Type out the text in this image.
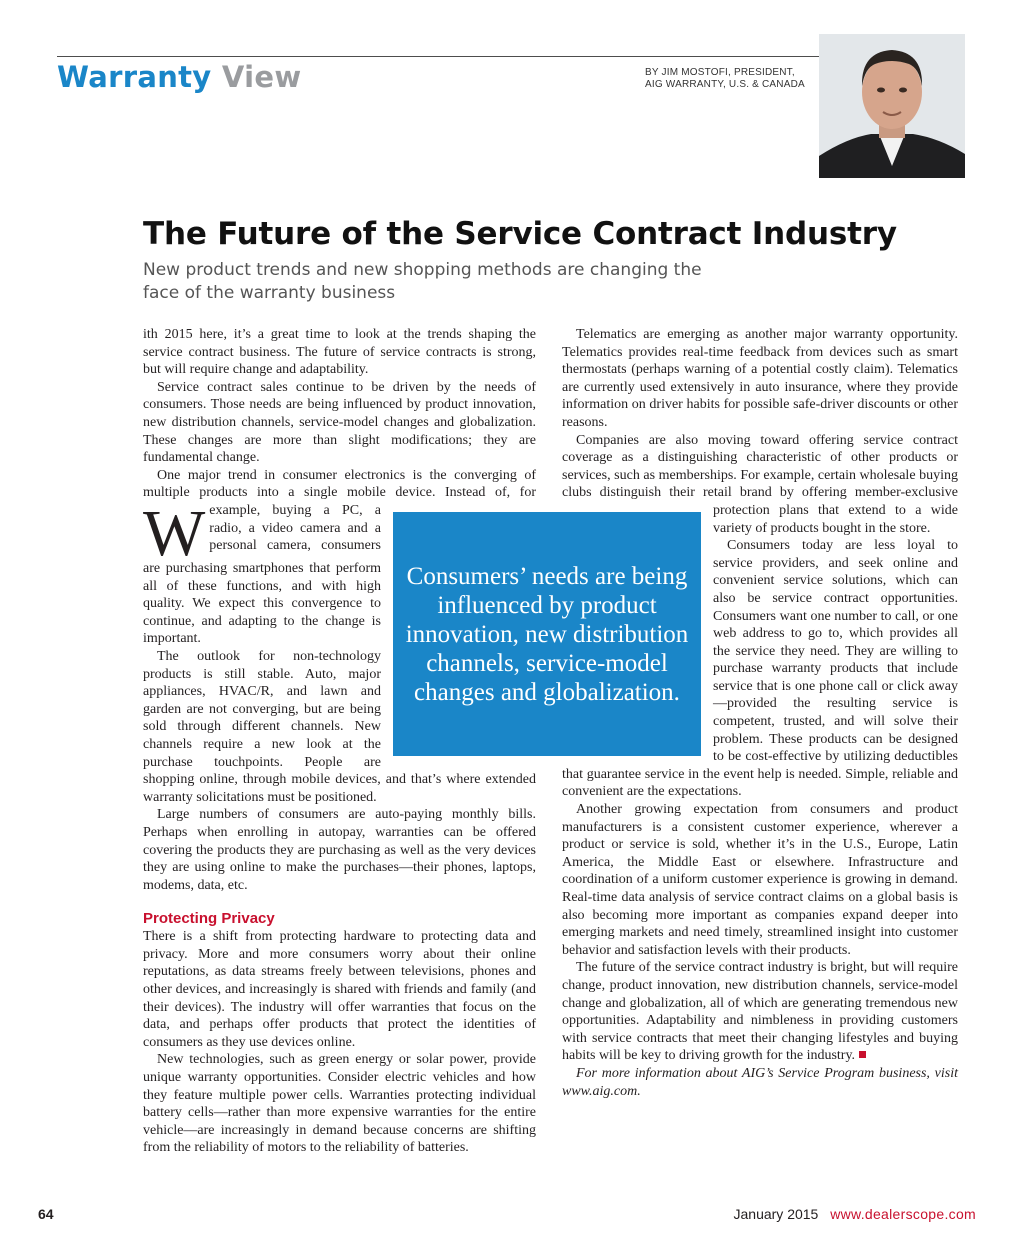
Warranty View	BY JIM MOSTOFI, PRESIDENT,
AIG WARRANTY, U.S. & CANADA
The Future of the Service Contract Industry

New product trends and new shopping methods are changing the face of the warranty business

With 2015 here, it’s a great time to look at the trends shaping the service contract business. The future of service contracts is strong, but will require change and adaptability.

Service contract sales continue to be driven by the needs of consumers. Those needs are being influenced by product innovation, new distribution channels, service-model changes and globalization. These changes are more than slight modifications; they are fundamental change.

One major trend in consumer electronics is the converging of multiple products into a single mobile device. Instead of, for example, buying a PC, a radio, a video camera and a personal camera, consumers are purchasing smartphones that perform all of these functions, and with high quality. We expect this convergence to continue, and adapting to the change is important.

The outlook for non-technology products is still stable. Auto, major appliances, HVAC/R, and lawn and garden are not converging, but are being sold through different channels. New channels require a new look at the purchase touchpoints. People are shopping online, through mobile devices, and that’s where extended warranty solicitations must be positioned.

Large numbers of consumers are auto-paying monthly bills. Perhaps when enrolling in autopay, warranties can be offered covering the products they are purchasing as well as the very devices they are using online to make the purchases—their phones, laptops, modems, data, etc.

Protecting Privacy

There is a shift from protecting hardware to protecting data and privacy. More and more consumers worry about their online reputations, as data streams freely between televisions, phones and other devices, and increasingly is shared with friends and family (and their devices). The industry will offer warranties that focus on the data, and perhaps offer products that protect the identities of consumers as they use devices online.

New technologies, such as green energy or solar power, provide unique warranty opportunities. Consider electric vehicles and how they feature multiple power cells. Warranties protecting individual battery cells—rather than more expensive warranties for the entire vehicle—are increasingly in demand because concerns are shifting from the reliability of motors to the reliability of batteries.

Telematics are emerging as another major warranty opportunity. Telematics provides real-time feedback from devices such as smart thermostats (perhaps warning of a potential costly claim). Telematics are currently used extensively in auto insurance, where they provide information on driver habits for possible safe-driver discounts or other reasons.

Companies are also moving toward offering service contract coverage as a distinguishing characteristic of other products or services, such as memberships. For example, certain wholesale buying clubs distinguish their retail brand by offering member-exclusive protection plans that extend to a wide variety of products bought in the store.

Consumers today are less loyal to service providers, and seek online and convenient service solutions, which can also be service contract opportunities. Consumers want one number to call, or one web address to go to, which provides all the service they need. They are willing to purchase warranty products that include service that is one phone call or click away—provided the resulting service is competent, trusted, and will solve their problem. These products can be designed to be cost-effective by utilizing deductibles that guarantee service in the event help is needed. Simple, reliable and convenient are the expectations.

Another growing expectation from consumers and product manufacturers is a consistent customer experience, wherever a product or service is sold, whether it’s in the U.S., Europe, Latin America, the Middle East or elsewhere. Infrastructure and coordination of a uniform customer experience is growing in demand. Real-time data analysis of service contract claims on a global basis is also becoming more important as companies expand deeper into emerging markets and need timely, streamlined insight into customer behavior and satisfaction levels with their products.

The future of the service contract industry is bright, but will require change, product innovation, new distribution channels, service-model change and globalization, all of which are generating tremendous new opportunities. Adaptability and nimbleness in providing customers with service contracts that meet their changing lifestyles and buying habits will be key to driving growth for the industry.

For more information about AIG’s Service Program business, visit www.aig.com.

Consumers’ needs are being influenced by product innovation, new distribution channels, service-model changes and globalization.
64	January 2015 www.dealerscope.com
